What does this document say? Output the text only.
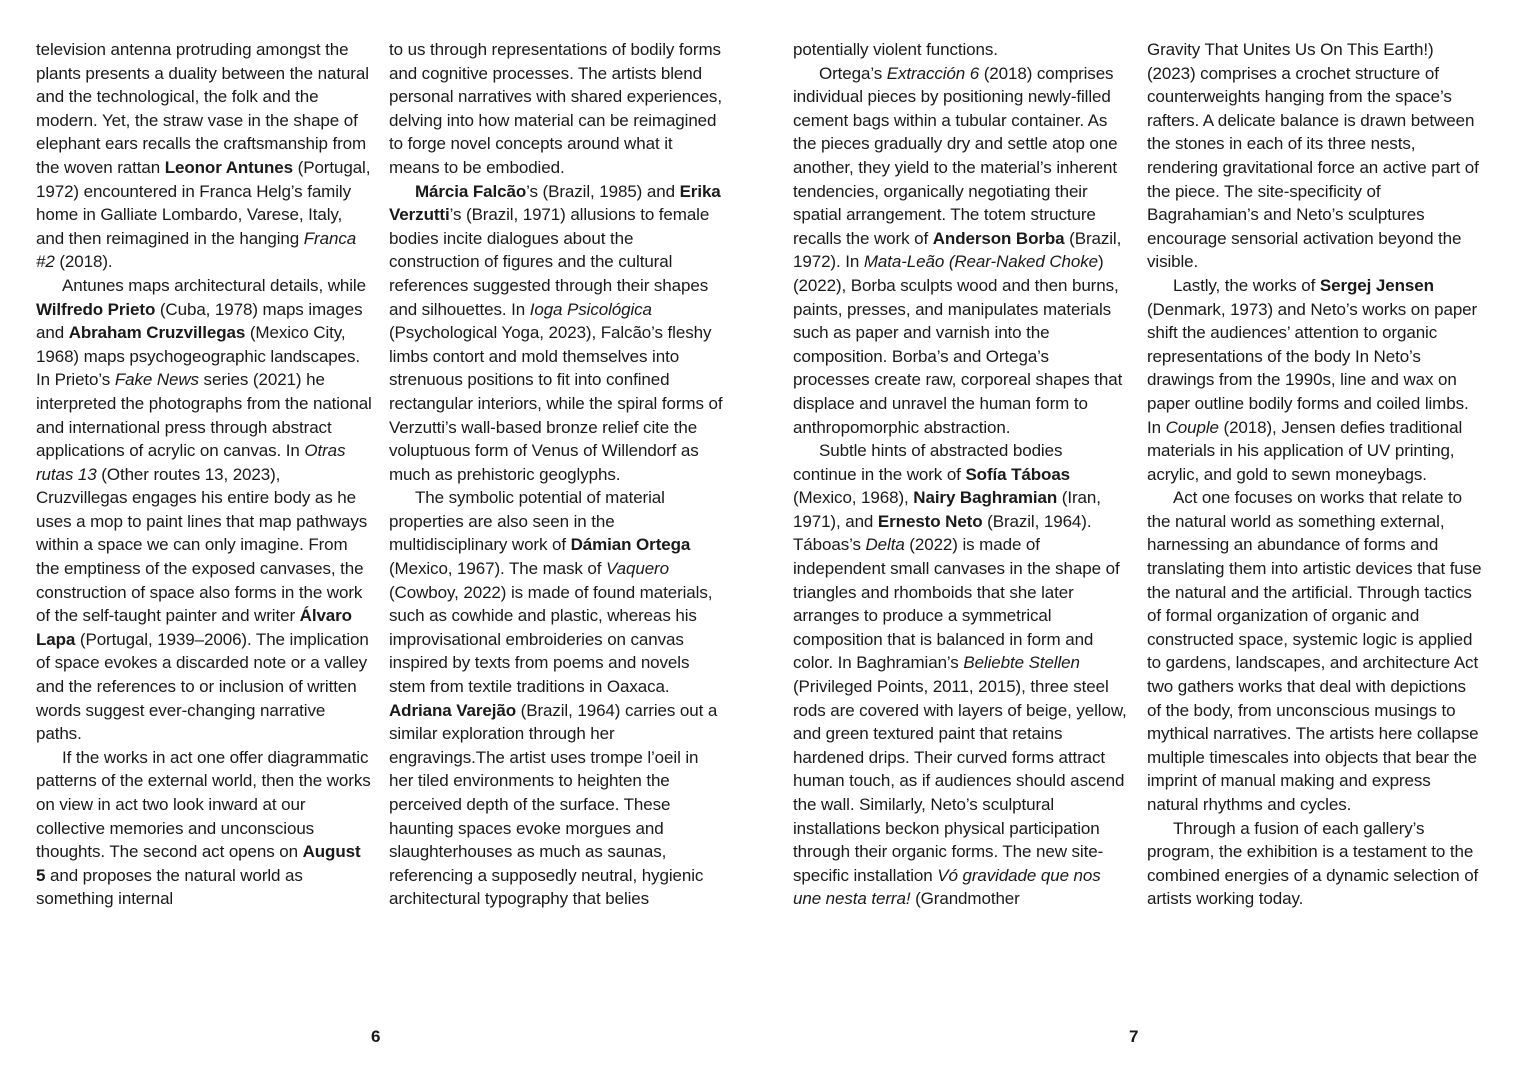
television antenna protruding amongst the plants presents a duality between the natural and the technological, the folk and the modern. Yet, the straw vase in the shape of elephant ears recalls the craftsmanship from the woven rattan Leonor Antunes (Portugal, 1972) encountered in Franca Helg’s family home in Galliate Lombardo, Varese, Italy, and then reimagined in the hanging Franca #2 (2018).

Antunes maps architectural details, while Wilfredo Prieto (Cuba, 1978) maps images and Abraham Cruzvillegas (Mexico City, 1968) maps psychogeographic landscapes. In Prieto’s Fake News series (2021) he interpreted the photographs from the national and international press through abstract applications of acrylic on canvas. In Otras rutas 13 (Other routes 13, 2023), Cruzvillegas engages his entire body as he uses a mop to paint lines that map pathways within a space we can only imagine. From the emptiness of the exposed canvases, the construction of space also forms in the work of the self-taught painter and writer Álvaro Lapa (Portugal, 1939–2006). The implication of space evokes a discarded note or a valley and the references to or inclusion of written words suggest ever-changing narrative paths.

If the works in act one offer diagrammatic patterns of the external world, then the works on view in act two look inward at our collective memories and unconscious thoughts. The second act opens on August 5 and proposes the natural world as something internal

to us through representations of bodily forms and cognitive processes. The artists blend personal narratives with shared experiences, delving into how material can be reimagined to forge novel concepts around what it means to be embodied.

Márcia Falcão’s (Brazil, 1985) and Erika Verzutti’s (Brazil, 1971) allusions to female bodies incite dialogues about the construction of figures and the cultural references suggested through their shapes and silhouettes. In Ioga Psicológica (Psychological Yoga, 2023), Falcão’s fleshy limbs contort and mold themselves into strenuous positions to fit into confined rectangular interiors, while the spiral forms of Verzutti’s wall-based bronze relief cite the voluptuous form of Venus of Willendorf as much as prehistoric geoglyphs.

The symbolic potential of material properties are also seen in the multidisciplinary work of Dámian Ortega (Mexico, 1967). The mask of Vaquero (Cowboy, 2022) is made of found materials, such as cowhide and plastic, whereas his improvisational embroideries on canvas inspired by texts from poems and novels stem from textile traditions in Oaxaca. Adriana Varejão (Brazil, 1964) carries out a similar exploration through her engravings.The artist uses trompe l’oeil in her tiled environments to heighten the perceived depth of the surface. These haunting spaces evoke morgues and slaughterhouses as much as saunas, referencing a supposedly neutral, hygienic architectural typography that belies

potentially violent functions.

Ortega’s Extracción 6 (2018) comprises individual pieces by positioning newly-filled cement bags within a tubular container. As the pieces gradually dry and settle atop one another, they yield to the material’s inherent tendencies, organically negotiating their spatial arrangement. The totem structure recalls the work of Anderson Borba (Brazil, 1972). In Mata-Leão (Rear-Naked Choke) (2022), Borba sculpts wood and then burns, paints, presses, and manipulates materials such as paper and varnish into the composition. Borba’s and Ortega’s processes create raw, corporeal shapes that displace and unravel the human form to anthropomorphic abstraction.

Subtle hints of abstracted bodies continue in the work of Sofía Táboas (Mexico, 1968), Nairy Baghramian (Iran, 1971), and Ernesto Neto (Brazil, 1964). Táboas’s Delta (2022) is made of independent small canvases in the shape of triangles and rhomboids that she later arranges to produce a symmetrical composition that is balanced in form and color. In Baghramian’s Beliebte Stellen (Privileged Points, 2011, 2015), three steel rods are covered with layers of beige, yellow, and green textured paint that retains hardened drips. Their curved forms attract human touch, as if audiences should ascend the wall. Similarly, Neto’s sculptural installations beckon physical participation through their organic forms. The new site-specific installation Vó gravidade que nos une nesta terra! (Grandmother

Gravity That Unites Us On This Earth!) (2023) comprises a crochet structure of counterweights hanging from the space’s rafters. A delicate balance is drawn between the stones in each of its three nests, rendering gravitational force an active part of the piece. The site-specificity of Bagrahamian’s and Neto’s sculptures encourage sensorial activation beyond the visible.

Lastly, the works of Sergej Jensen (Denmark, 1973) and Neto’s works on paper shift the audiences’ attention to organic representations of the body In Neto’s drawings from the 1990s, line and wax on paper outline bodily forms and coiled limbs. In Couple (2018), Jensen defies traditional materials in his application of UV printing, acrylic, and gold to sewn moneybags.

Act one focuses on works that relate to the natural world as something external, harnessing an abundance of forms and translating them into artistic devices that fuse the natural and the artificial. Through tactics of formal organization of organic and constructed space, systemic logic is applied to gardens, landscapes, and architecture Act two gathers works that deal with depictions of the body, from unconscious musings to mythical narratives. The artists here collapse multiple timescales into objects that bear the imprint of manual making and express natural rhythms and cycles.

Through a fusion of each gallery’s program, the exhibition is a testament to the combined energies of a dynamic selection of artists working today.

6	7
